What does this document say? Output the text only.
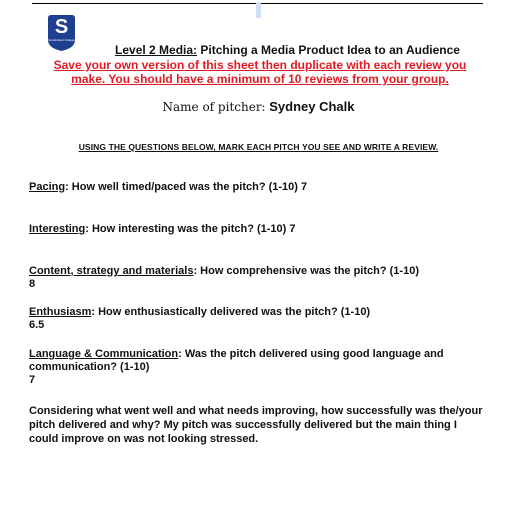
S
Sunderland College
Level 2 Media: Pitching a Media Product Idea to an Audience
Save your own version of this sheet then duplicate with each review you make. You should have a minimum of 10 reviews from your group.
Name of pitcher: Sydney Chalk
USING THE QUESTIONS BELOW, MARK EACH PITCH YOU SEE AND WRITE A REVIEW.
Pacing: How well timed/paced was the pitch? (1-10) 7
Interesting: How interesting was the pitch? (1-10) 7
Content, strategy and materials: How comprehensive was the pitch? (1-10)
8
Enthusiasm: How enthusiastically delivered was the pitch? (1-10)
6.5
Language & Communication: Was the pitch delivered using good language and communication? (1-10)
7
Considering what went well and what needs improving, how successfully was the/your pitch delivered and why? My pitch was successfully delivered but the main thing I could improve on was not looking stressed.
